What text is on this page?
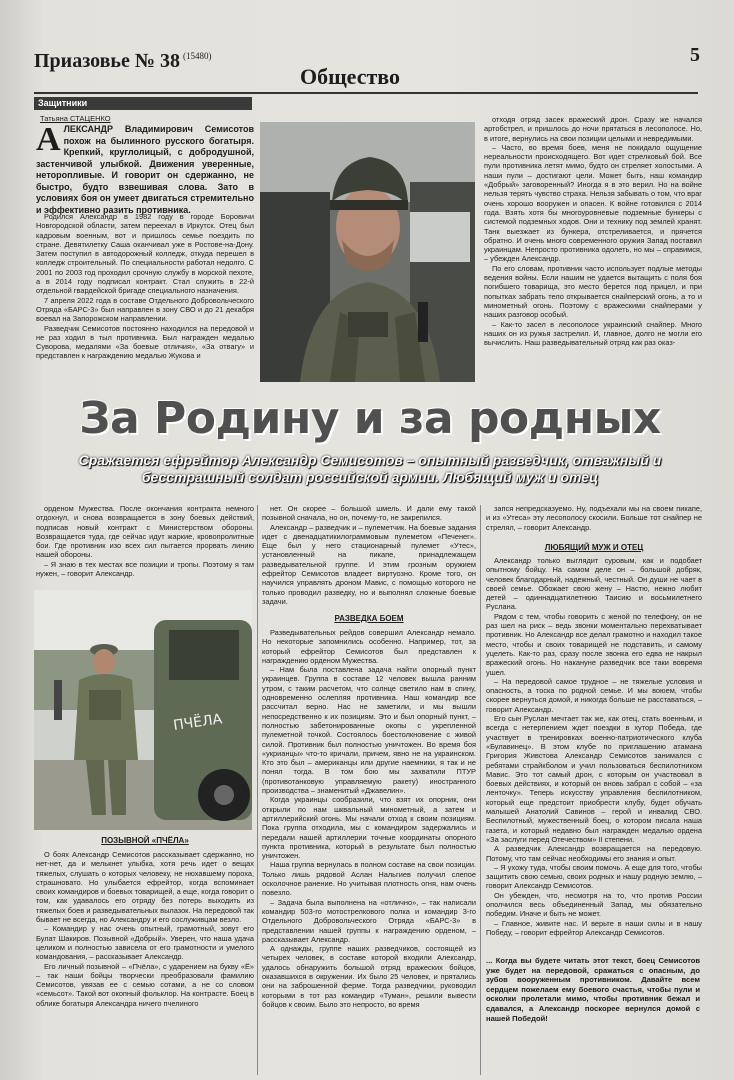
Приазовье № 38 $^{(15480)}$
Общество
5
Защитники
Татьяна СТАЦЕНКО
АЛЕКСАНДР Владимирович Семисотов похож на былинного русского богатыря. Крепкий, круглолицый, с добродушной, застенчивой улыбкой. Движения уверенные, неторопливые. И говорит он сдержанно, не быстро, будто взвешивая слова. Зато в условиях боя он умеет двигаться стремительно и эффективно разить противника.

Родился Александр в 1982 году в городе Боровичи Новгородской области, затем переехал в Иркутск. Отец был кадровым военным, вот и пришлось семье поездить по стране. Девятилетку Саша оканчивал уже в Ростове-на-Дону. Затем поступил в автодорожный колледж, откуда перешел в колледж строительный. По специальности работал недолго. С 2001 по 2003 год проходил срочную службу в морской пехоте, а в 2014 году подписал контракт. Стал служить в 22-й отдельной гвардейской бригаде специального назначения.

7 апреля 2022 года в составе Отдельного Добровольческого Отряда «БАРС-3» был направлен в зону СВО и до 21 декабря воевал на Запорожском направлении.

Разведчик Семисотов постоянно находился на передовой и не раз ходил в тыл противника. Был награжден медалью Суворова, медалями «За боевые отличия», «За отвагу» и представлен к награждению медалью Жукова и

отходя отряд засек вражеский дрон. Сразу же начался артобстрел, и пришлось до ночи прятаться в лесополосе. Но, в итоге, вернулись на свои позиции целыми и невредимыми.

– Часто, во время боев, меня не покидало ощущение нереальности происходящего. Вот идет стрелковый бой. Все пули противника летят мимо, будто он стреляет холостыми. А наши пули – достигают цели. Может быть, наш командир «Добрый» заговоренный? Иногда я в это верил. Но на войне нельзя терять чувство страха. Нельзя забывать о том, что враг очень хорошо вооружен и опасен. К войне готовился с 2014 года. Взять хотя бы многоуровневые подземные бункеры с системой подземных ходов. Они и технику под землей хранят. Танк выезжает из бункера, отстреливается, и прячется обратно. И очень много современного оружия Запад поставил украинцам. Непросто противника одолеть, но мы – справимся, – убежден Александр.

По его словам, противник часто использует подлые методы ведения войны. Если нашим не удается вытащить с поля боя погибшего товарища, это место берется под прицел, и при попытках забрать тело открывается снайперский огонь, а то и минометный огонь. Поэтому с вражескими снайперами у наших разговор особый.

– Как-то засел в лесополосе украинский снайпер. Много наших он из ружья застрелил. И, главное, долго не могли его вычислить. Наш разведывательный отряд как раз оказ-

За Родину и за родных
Сражается ефрейтор Александр Семисотов – опытный разведчик, отважный и бесстрашный солдат российской армии. Любящий муж и отец

орденом Мужества. После окончания контракта немного отдохнул, и снова возвращается в зону боевых действий, подписав новый контракт с Министерством обороны. Возвращается туда, где сейчас идут жаркие, кровопролитные бои. Где противник изо всех сил пытается прорвать линию нашей обороны.

– Я знаю в тех местах все позиции и тропы. Поэтому я там нужен, – говорит Александр.

ПЧЁЛА
ПОЗЫВНОЙ «ПЧЁЛА»

О боях Александр Семисотов рассказывает сдержанно, но нет-нет, да и мелькнет улыбка, хотя речь идет о вещах тяжелых, слушать о которых человеку, не нюхавшему пороха, страшновато. Но улыбается ефрейтор, когда вспоминает своих командиров и боевых товарищей, а еще, когда говорит о том, как удавалось его отряду без потерь выходить из тяжелых боев и разведывательных вылазок. На передовой так бывает не всегда, но Александру и его сослуживцам везло.

– Командир у нас очень опытный, грамотный, зовут его Булат Шакиров. Позывной «Добрый». Уверен, что наша удача целиком и полностью зависела от его грамотности и умелого командования, – рассказывает Александр.

Его личный позывной – «Пчёла», с ударением на букву «Ё» – так наши бойцы творчески преобразовали фамилию Семисотов, увязав ее с семью сотами, а не со словом «семьсот». Такой вот окопный фольклор. На контрасте. Боец в облике богатыря Александра ничего пчелиного

нет. Он скорее – большой шмель. И дали ему такой позывной сначала, но он, почему-то, не закрепился.

Александр – разведчик и – пулеметчик. На боевые задания идет с двенадцатикилограммовым пулеметом «Печенег». Еще был у него стационарный пулемет «Утес», установленный на пикапе, принадлежащем разведывательной группе. И этим грозным оружием ефрейтор Семисотов владеет виртуозно. Кроме того, он научился управлять дроном Мавис, с помощью которого не только проводил разведку, но и выполнял сложные боевые задачи.

РАЗВЕДКА БОЕМ

Разведывательных рейдов совершил Александр немало. Но некоторые запомнились особенно. Например, тот, за который ефрейтор Семисотов был представлен к награждению орденом Мужества.

– Нам была поставлена задача найти опорный пункт украинцев. Группа в составе 12 человек вышла ранним утром, с таким расчетом, что солнце светило нам в спину, одновременно ослепляя противника. Наш командир все рассчитал верно. Нас не заметили, и мы вышли непосредственно к их позициям. Это и был опорный пункт, – полностью забетонированные окопы с укрепленной пулеметной точкой. Состоялось боестолкновение с живой силой. Противник был полностью уничтожен. Во время боя «укрианцы» что-то кричали, причем, явно не на украинском. Кто это был – американцы или другие наемники, я так и не понял тогда. В том бою мы захватили ПТУР (противотанковую управляемую ракету) иностранного производства – знаменитый «Джавелин».

Когда украинцы сообразили, что взят их опорник, они открыли по нам шквальный минометный, а затем и артиллерийский огонь. Мы начали отход к своим позициям. Пока группа отходила, мы с командиром задержались и передали нашей артиллерии точные координаты опорного пункта противника, который в результате был полностью уничтожен.

Наша группа вернулась в полном составе на свои позиции. Только лишь рядовой Аслан Нальгиев получил слепое осколочное ранение. Но учитывая плотность огня, нам очень повезло.

– Задача была выполнена на «отлично», – так написали командир 503-го мотострелкового полка и командир 3-го Отдельного Добровольческого Отряда «БАРС-3» в представлении нашей группы к награждению орденом, – рассказывает Александр.

А однажды, группе наших разведчиков, состоящей из четырех человек, в составе которой входили Александр, удалось обнаружить большой отряд вражеских бойцов, оказавшихся в окружении. Их было 25 человек, и прятались они на заброшенной ферме. Тогда разведчики, руководил которыми в тот раз командир «Туман», решили вывести бойцов к своим. Было это непросто, во время

запся непредсказуемо. Ну, подъехали мы на своем пикапе, и из «Утеса» эту лесополосу скосили. Больше тот снайпер не стрелял, – говорит Александр.

ЛЮБЯЩИЙ МУЖ И ОТЕЦ

Александр только выглядит суровым, как и подобает опытному бойцу. На самом деле он – большой добряк, человек благодарный, надежный, честный. Он души не чает в своей семье. Обожает свою жену – Настю, нежно любит детей – одиннадцатилетнюю Таисию и восьмилетнего Руслана.

Рядом с тем, чтобы говорить с женой по телефону, он не раз шел на риск – ведь звонки моментально перехватывает противник. Но Александр все делал грамотно и находил такое место, чтобы и своих товарищей не подставить, и самому уцелеть. Как-то раз, сразу после звонка его едва не накрыл вражеский огонь. Но накануне разведчик все таки вовремя ушел.

– На передовой самое трудное – не тяжелые условия и опасность, а тоска по родной семье. И мы воюем, чтобы скорее вернуться домой, и никогда больше не расставаться, – говорит Александр.

Его сын Руслан мечтает так же, как отец, стать военным, и всегда с нетерпением ждет поездки в хутор Победа, где участвует в тренировках военно-патриотического клуба «Булавинец». В этом клубе по приглашению атамана Григория Живстова Александр Семисотов занимался с ребятами страйкболом и учил пользоваться беспилотником Мавис. Это тот самый дрон, с которым он участвовал в боевых действиях, и который он вновь забрал с собой – «за ленточку». Теперь искусству управления беспилотником, который еще предстоит приобрести клубу, будет обучать малышей Анатолий Савинов – герой и инвалид СВО. Беспилотный, мужественный боец, о котором писала наша газета, и который недавно был награжден медалью ордена «За заслуги перед Отечеством» II степени.

А разведчик Александр возвращается на передовую. Потому, что там сейчас необходимы его знания и опыт.

– Я ухожу туда, чтобы своим помочь. А еще для того, чтобы защитить свою семью, своих родных и нашу родную землю, – говорит Александр Семисотов.

Он убежден, что, несмотря на то, что против России ополчился весь объединенный Запад, мы обязательно победим. Иначе и быть не может.

– Главное, живите нас. И верьте в наши силы и в нашу Победу, – говорит ефрейтор Александр Семисотов.

... Когда вы будете читать этот текст, боец Семисотов уже будет на передовой, сражаться с опасным, до зубов вооруженным противником. Давайте всем сердцем пожелаем ему боевого счастья, чтобы пули и осколки пролетали мимо, чтобы противник бежал и сдавался, а Александр поскорее вернулся домой с нашей Победой!
